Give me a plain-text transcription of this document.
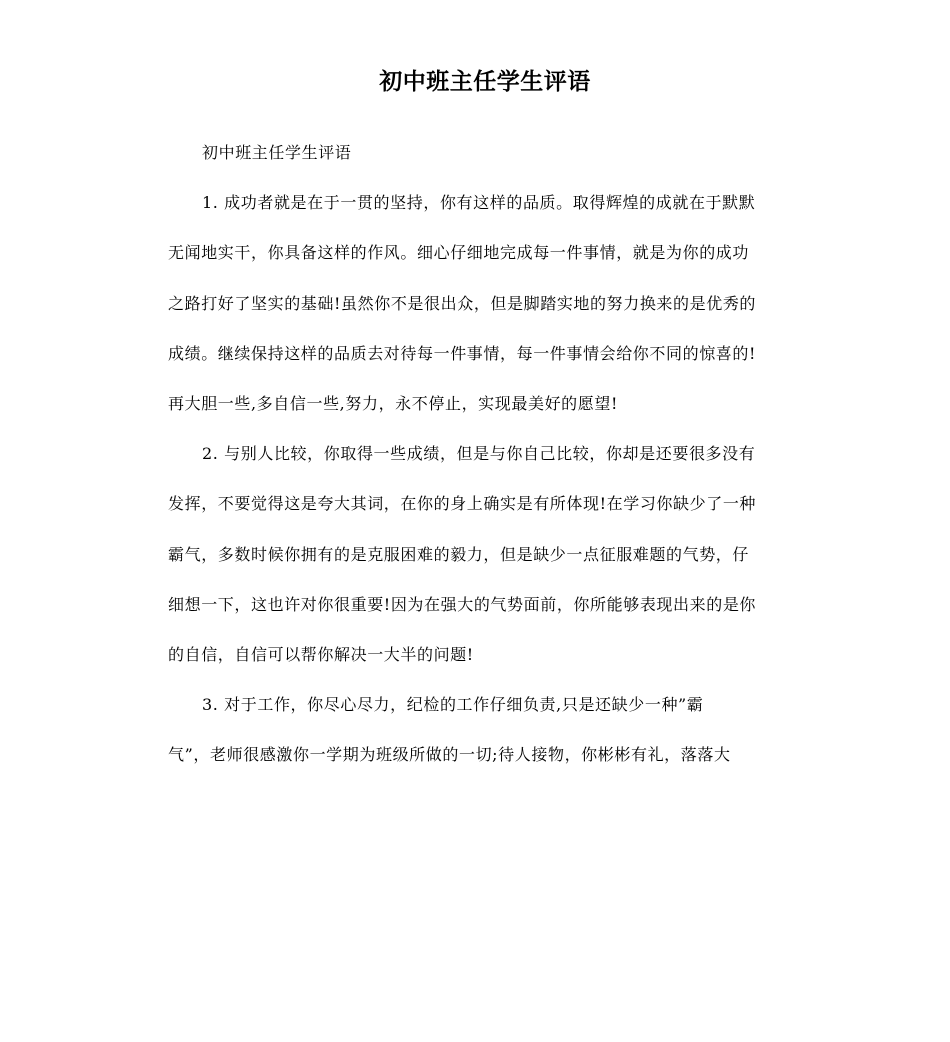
初中班主任学生评语
初中班主任学生评语
1. 成功者就是在于一贯的坚持，你有这样的品质。取得辉煌的成就在于默默
无闻地实干，你具备这样的作风。细心仔细地完成每一件事情，就是为你的成功
之路打好了坚实的基础!虽然你不是很出众，但是脚踏实地的努力换来的是优秀的
成绩。继续保持这样的品质去对待每一件事情，每一件事情会给你不同的惊喜的!
再大胆一些,多自信一些,努力，永不停止，实现最美好的愿望!
2. 与别人比较，你取得一些成绩，但是与你自己比较，你却是还要很多没有
发挥，不要觉得这是夸大其词，在你的身上确实是有所体现!在学习你缺少了一种
霸气，多数时候你拥有的是克服困难的毅力，但是缺少一点征服难题的气势，仔
细想一下，这也许对你很重要!因为在强大的气势面前，你所能够表现出来的是你
的自信，自信可以帮你解决一大半的问题!
3. 对于工作，你尽心尽力，纪检的工作仔细负责,只是还缺少一种”霸
气”，老师很感激你一学期为班级所做的一切;待人接物，你彬彬有礼，落落大
